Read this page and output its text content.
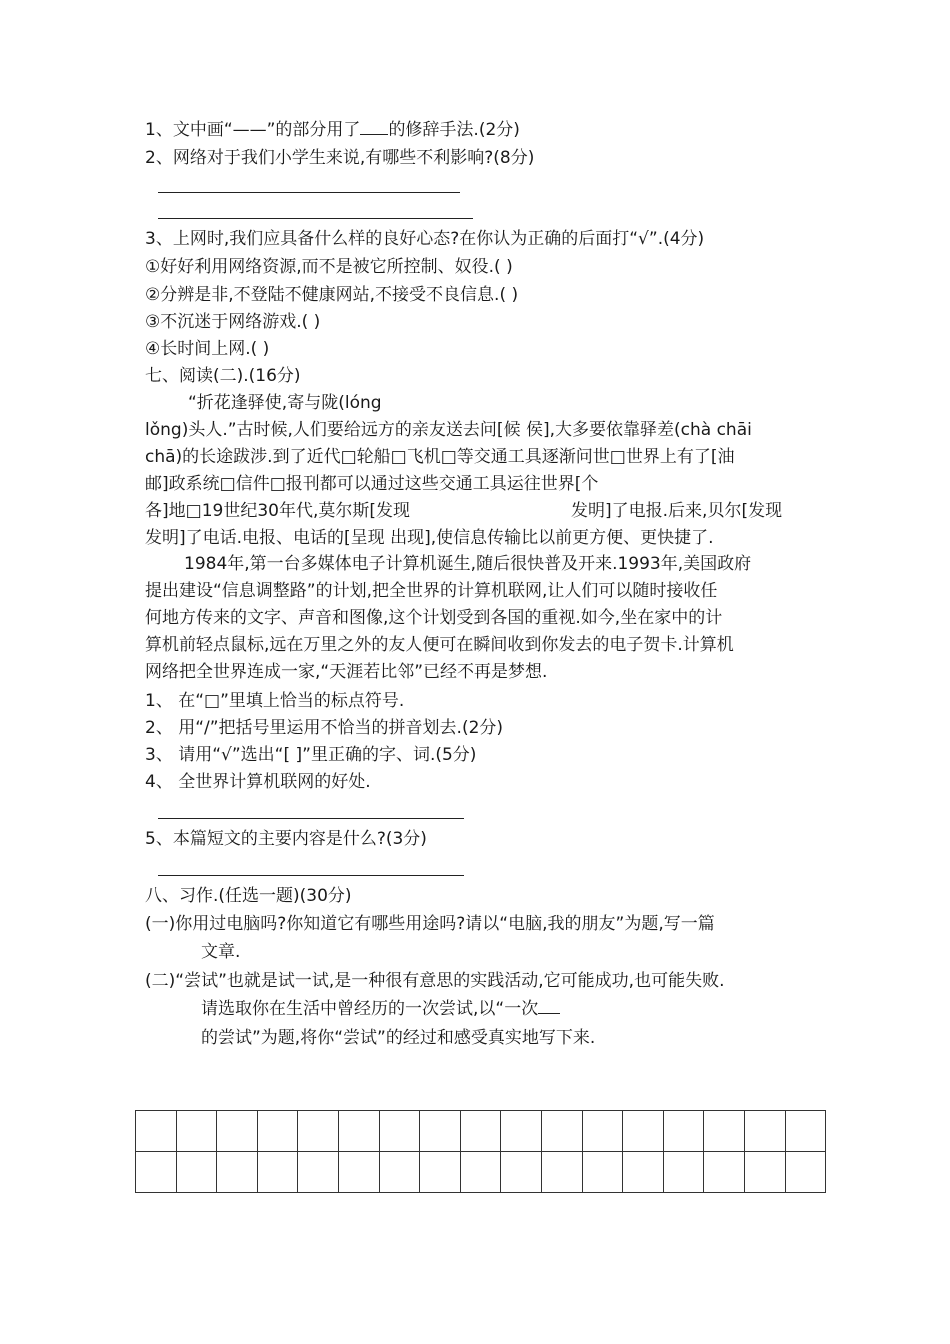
1、文中画“——”的部分用了 的修辞手法.(2分)
2、网络对于我们小学生来说,有哪些不利影响?(8分)
3、上网时,我们应具备什么样的良好心态?在你认为正确的后面打“√”.(4分)
①好好利用网络资源,而不是被它所控制、奴役.( )
②分辨是非,不登陆不健康网站,不接受不良信息.( )
③不沉迷于网络游戏.( )
④长时间上网.( )
七、阅读(二).(16分)
“折花逢驿使,寄与陇(lóng
lǒng)头人.”古时候,人们要给远方的亲友送去问[候 侯],大多要依靠驿差(chà chāi
chā)的长途跋涉.到了近代□轮船□飞机□等交通工具逐渐问世□世界上有了[油
邮]政系统□信件□报刊都可以通过这些交通工具运往世界[个
各]地□19世纪30年代,莫尔斯[发现	发明]了电报.后来,贝尔[发现
发明]了电话.电报、电话的[呈现 出现],使信息传输比以前更方便、更快捷了.
1984年,第一台多媒体电子计算机诞生,随后很快普及开来.1993年,美国政府
提出建设“信息调整路”的计划,把全世界的计算机联网,让人们可以随时接收任
何地方传来的文字、声音和图像,这个计划受到各国的重视.如今,坐在家中的计
算机前轻点鼠标,远在万里之外的友人便可在瞬间收到你发去的电子贺卡.计算机
网络把全世界连成一家,“天涯若比邻”已经不再是梦想.
1、 在“□”里填上恰当的标点符号.
2、 用“/”把括号里运用不恰当的拼音划去.(2分)
3、 请用“√”选出“[ ]”里正确的字、词.(5分)
4、 全世界计算机联网的好处.
5、本篇短文的主要内容是什么?(3分)
八、习作.(任选一题)(30分)
(一)你用过电脑吗?你知道它有哪些用途吗?请以“电脑,我的朋友”为题,写一篇
文章.
(二)“尝试”也就是试一试,是一种很有意思的实践活动,它可能成功,也可能失败.
请选取你在生活中曾经历的一次尝试,以“一次
的尝试”为题,将你“尝试”的经过和感受真实地写下来.
